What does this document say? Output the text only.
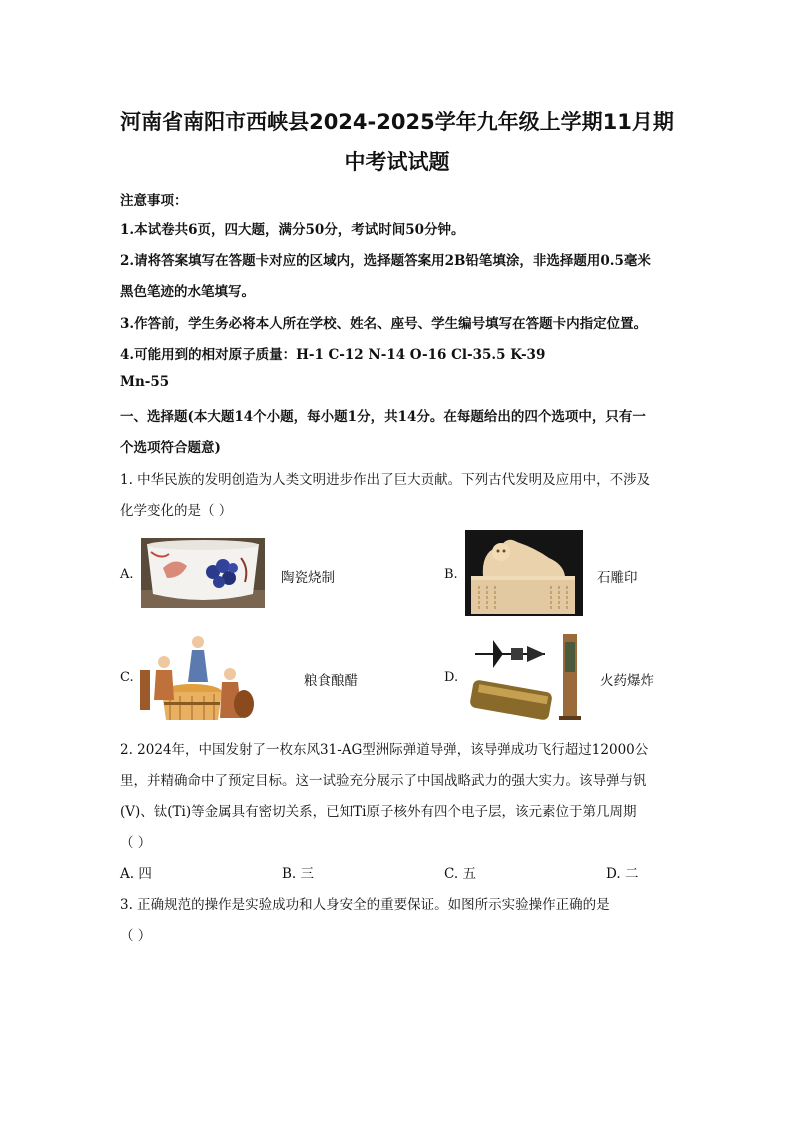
河南省南阳市西峡县2024-2025学年九年级上学期11月期
中考试试题
注意事项：
1.本试卷共6页，四大题，满分50分，考试时间50分钟。
2.请将答案填写在答题卡对应的区域内，选择题答案用2B铅笔填涂，非选择题用0.5毫米
黑色笔迹的水笔填写。
3.作答前，学生务必将本人所在学校、姓名、座号、学生编号填写在答题卡内指定位置。
4.可能用到的相对原子质量：H-1 C-12 N-14 O-16 Cl-35.5 K-39
Mn-55
一、选择题(本大题14个小题，每小题1分，共14分。在每题给出的四个选项中，只有一
个选项符合题意)
1. 中华民族的发明创造为人类文明进步作出了巨大贡献。下列古代发明及应用中，不涉及
化学变化的是（ ）
A.	陶瓷烧制	B.	石雕印
C.	粮食酿醋	D.	火药爆炸
2. 2024年，中国发射了一枚东风31-AG型洲际弹道导弹，该导弹成功飞行超过12000公
里，并精确命中了预定目标。这一试验充分展示了中国战略武力的强大实力。该导弹与钒
(V)、钛(Ti)等金属具有密切关系，已知Ti原子核外有四个电子层，该元素位于第几周期
（ ）
A. 四	B. 三	C. 五	D. 二
3. 正确规范的操作是实验成功和人身安全的重要保证。如图所示实验操作正确的是
（ ）
